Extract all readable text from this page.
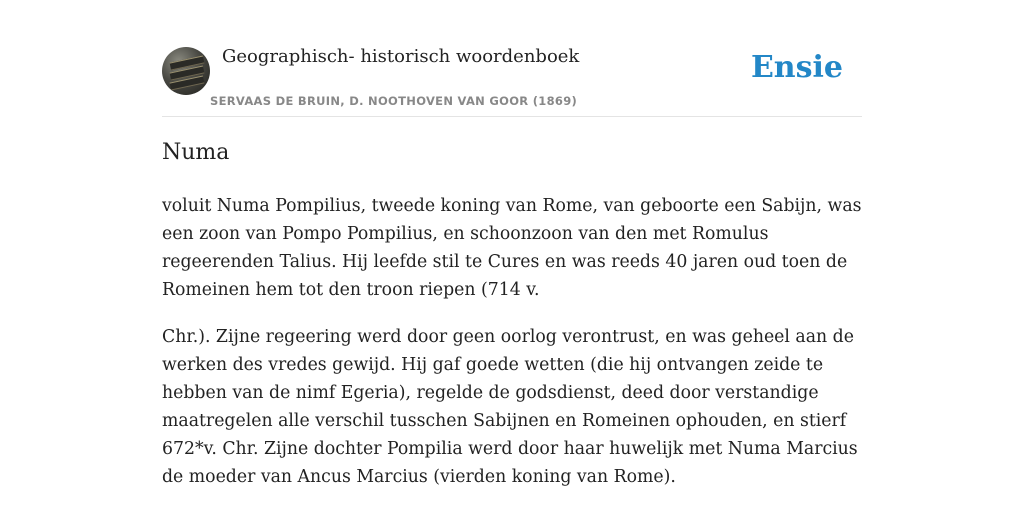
Geographisch- historisch woordenboek
SERVAAS DE BRUIN, D. NOOTHOVEN VAN GOOR (1869)
Ensie
Numa

voluit Numa Pompilius, tweede koning van Rome, van geboorte een Sabijn, was een zoon van Pompo Pompilius, en schoonzoon van den met Romulus regeerenden Talius. Hij leefde stil te Cures en was reeds 40 jaren oud toen de Romeinen hem tot den troon riepen (714 v.

Chr.). Zijne regeering werd door geen oorlog verontrust, en was geheel aan de werken des vredes gewijd. Hij gaf goede wetten (die hij ontvangen zeide te hebben van de nimf Egeria), regelde de godsdienst, deed door verstandige maatregelen alle verschil tusschen Sabijnen en Romeinen ophouden, en stierf 672*v. Chr. Zijne dochter Pompilia werd door haar huwelijk met Numa Marcius de moeder van Ancus Marcius (vierden koning van Rome).
